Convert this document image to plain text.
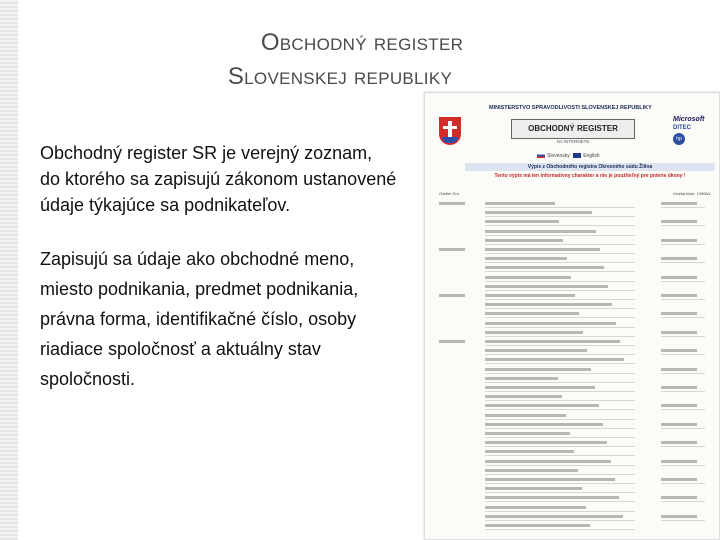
Obchodný register
Slovenskej republiky

Obchodný register SR je verejný zoznam,

do ktorého sa zapisujú zákonom ustanovené
údaje týkajúce sa podnikateľov.

Zapisujú sa údaje ako obchodné meno, miesto podnikania, predmet podnikania, právna forma, identifikačné číslo, osoby riadiace spoločnosť a aktuálny stav spoločnosti.

MINISTERSTVO SPRAVODLIVOSTI SLOVENSKEJ REPUBLIKY
OBCHODNÝ REGISTER
NA INTERNETE
Microsoft
DITEC
hp
Slovensky	English
Výpis z Obchodného registra Okresného súdu Žilina
Tento výpis má len informatívny charakter a nie je použiteľný pre právne úkony !
Oddiel: Sro	Vložka číslo: 13908/L
